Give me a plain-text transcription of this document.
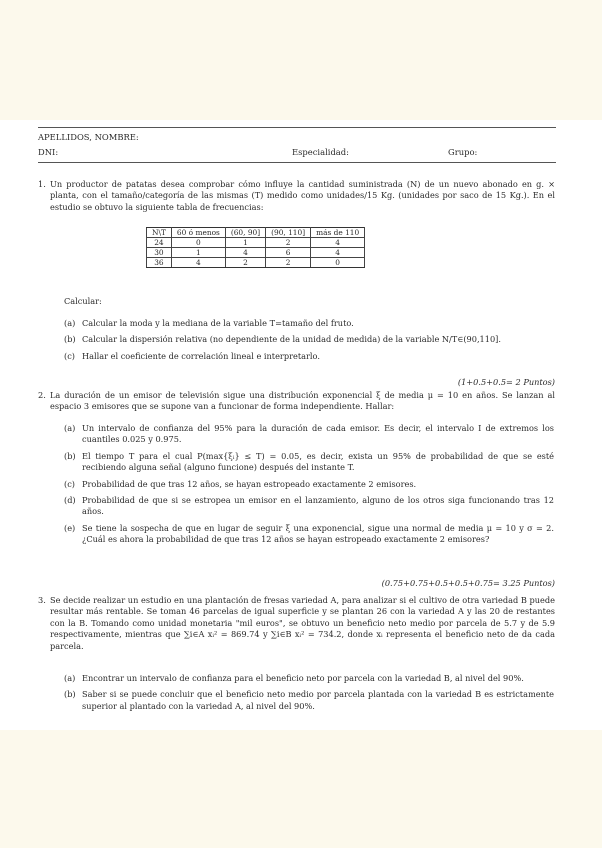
APELLIDOS, NOMBRE:
DNI:	Especialidad:	Grupo:
1. Un productor de patatas desea comprobar cómo influye la cantidad suministrada (N) de un nuevo abonado en g. × planta, con el tamaño/categoría de las mismas (T) medido como unidades/15 Kg. (unidades por saco de 15 Kg.). En el estudio se obtuvo la siguiente tabla de frecuencias:

N\T	60 ó menos	(60, 90]	(90, 110]	más de 110
24	0	1	2	4
30	1	4	6	4
36	4	2	2	0

Calcular:

(a) Calcular la moda y la mediana de la variable T=tamaño del fruto.
(b) Calcular la dispersión relativa (no dependiente de la unidad de medida) de la variable N/T∈(90,110].
(c) Hallar el coeficiente de correlación lineal e interpretarlo.
(1+0.5+0.5= 2 Puntos)
2. La duración de un emisor de televisión sigue una distribución exponencial ξ de media μ = 10 en años. Se lanzan al espacio 3 emisores que se supone van a funcionar de forma independiente. Hallar:

(a) Un intervalo de confianza del 95% para la duración de cada emisor. Es decir, el intervalo I de extremos los cuantiles 0.025 y 0.975.
(b) El tiempo T para el cual P(max{ξᵢ} ≤ T) = 0.05, es decir, exista un 95% de probabilidad de que se esté recibiendo alguna señal (alguno funcione) después del instante T.
(c) Probabilidad de que tras 12 años, se hayan estropeado exactamente 2 emisores.
(d) Probabilidad de que si se estropea un emisor en el lanzamiento, alguno de los otros siga funcionando tras 12 años.
(e) Se tiene la sospecha de que en lugar de seguir ξ una exponencial, sigue una normal de media μ = 10 y σ = 2. ¿Cuál es ahora la probabilidad de que tras 12 años se hayan estropeado exactamente 2 emisores?
(0.75+0.75+0.5+0.5+0.75= 3.25 Puntos)
3. Se decide realizar un estudio en una plantación de fresas variedad A, para analizar si el cultivo de otra variedad B puede resultar más rentable. Se toman 46 parcelas de igual superficie y se plantan 26 con la variedad A y las 20 de restantes con la B. Tomando como unidad monetaria "mil euros", se obtuvo un beneficio neto medio por parcela de 5.7 y de 5.9 respectivamente, mientras que ∑i∈A xᵢ² = 869.74 y ∑i∈B xᵢ² = 734.2, donde xᵢ representa el beneficio neto de da cada parcela.

(a) Encontrar un intervalo de confianza para el beneficio neto por parcela con la variedad B, al nivel del 90%.
(b) Saber si se puede concluir que el beneficio neto medio por parcela plantada con la variedad B es estrictamente superior al plantado con la variedad A, al nivel del 90%.
